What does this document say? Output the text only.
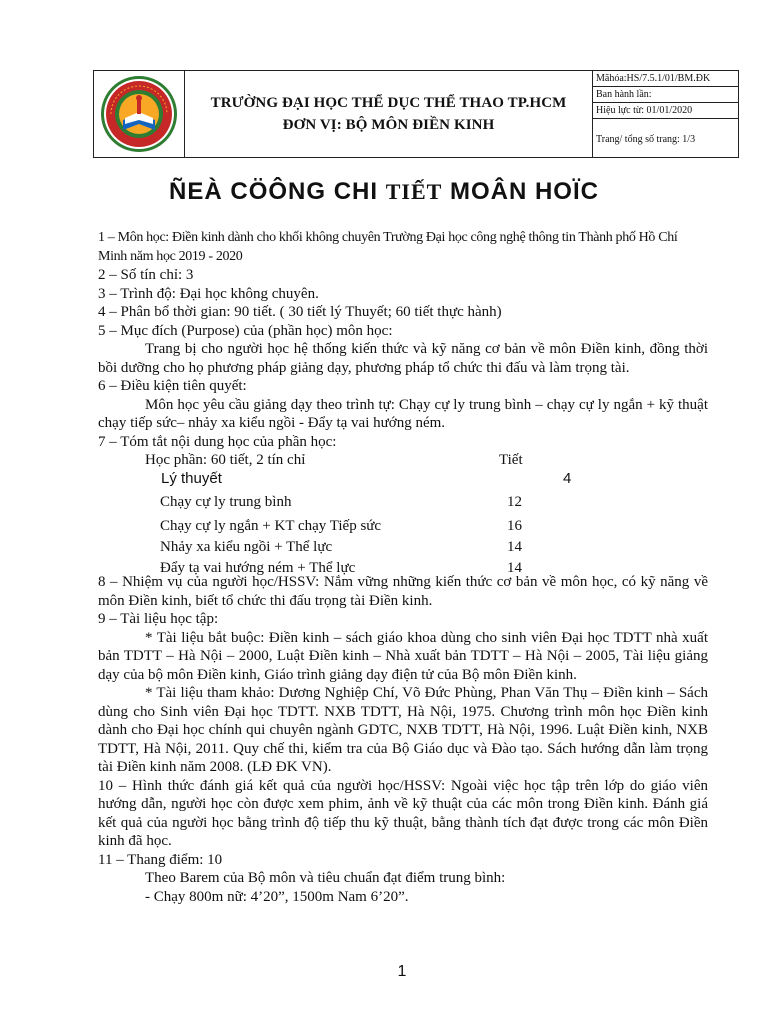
TRƯỜNG ĐẠI HỌC THỂ DỤC THỂ THAO TP.HCM
ĐƠN VỊ: BỘ MÔN ĐIỀN KINH
Mãhóa:HS/7.5.1/01/BM.ĐK
Ban hành lần:
Hiệu lực từ: 01/01/2020
Trang/ tổng số trang: 1/3
ÑEÀ CÖÔNG CHI TIẾT MOÂN HOÏC

1 – Môn học: Điền kinh dành cho khối không chuyên Trường Đại học công nghệ thông tin Thành phố Hồ Chí Minh năm học 2019 - 2020

2 – Số tín chỉ: 3

3 – Trình độ: Đại học không chuyên.

4 – Phân bổ thời gian: 90 tiết. ( 30 tiết lý Thuyết; 60 tiết thực hành)

5 – Mục đích (Purpose) của (phần học) môn học:

Trang bị cho người học hệ thống kiến thức và kỹ năng cơ bản về môn Điền kinh, đồng thời bồi dưỡng cho họ phương pháp giảng dạy, phương pháp tổ chức thi đấu và làm trọng tài.

6 – Điều kiện tiên quyết:

Môn học yêu cầu giảng dạy theo trình tự: Chạy cự ly trung bình – chạy cự ly ngắn + kỹ thuật chạy tiếp sức– nhảy xa kiểu ngồi - Đẩy tạ vai hướng ném.

7 – Tóm tắt nội dung học của phần học:

Học phần: 60 tiết, 2 tín chỉ	Tiết
Lý thuyết	4
Chạy cự ly trung bình	12
Chạy cự ly ngắn + KT chạy Tiếp sức	16
Nhảy xa kiểu ngồi + Thể lực	14
Đẩy tạ vai hướng ném + Thể lực	14

8 – Nhiệm vụ của người học/HSSV: Nắm vững những kiến thức cơ bản về môn học, có kỹ năng về môn Điền kinh, biết tổ chức thi đấu trọng tài Điền kinh.

9 – Tài liệu học tập:

* Tài liệu bắt buộc: Điền kinh – sách giáo khoa dùng cho sinh viên Đại học TDTT nhà xuất bản TDTT – Hà Nội – 2000, Luật Điền kinh – Nhà xuất bản TDTT – Hà Nội – 2005, Tài liệu giảng dạy của bộ môn Điền kinh, Giáo trình giảng dạy điện tử của Bộ môn Điền kinh.

* Tài liệu tham khảo: Dương Nghiệp Chí, Võ Đức Phùng, Phan Văn Thụ – Điền kinh – Sách dùng cho Sinh viên Đại học TDTT. NXB TDTT, Hà Nội, 1975. Chương trình môn học Điền kinh dành cho Đại học chính qui chuyên ngành GDTC, NXB TDTT, Hà Nội, 1996. Luật Điền kinh, NXB TDTT, Hà Nội, 2011. Quy chế thi, kiểm tra của Bộ Giáo dục và Đào tạo. Sách hướng dẫn làm trọng tài Điền kinh năm 2008. (LĐ ĐK VN).

10 – Hình thức đánh giá kết quả của người học/HSSV: Ngoài việc học tập trên lớp do giáo viên hướng dẫn, người học còn được xem phim, ảnh về kỹ thuật của các môn trong Điền kinh. Đánh giá kết quả của người học bằng trình độ tiếp thu kỹ thuật, bằng thành tích đạt được trong các môn Điền kinh đã học.

11 – Thang điểm: 10

Theo Barem của Bộ môn và tiêu chuẩn đạt điểm trung bình:

- Chạy 800m nữ: 4’20”, 1500m Nam 6’20”.

1
